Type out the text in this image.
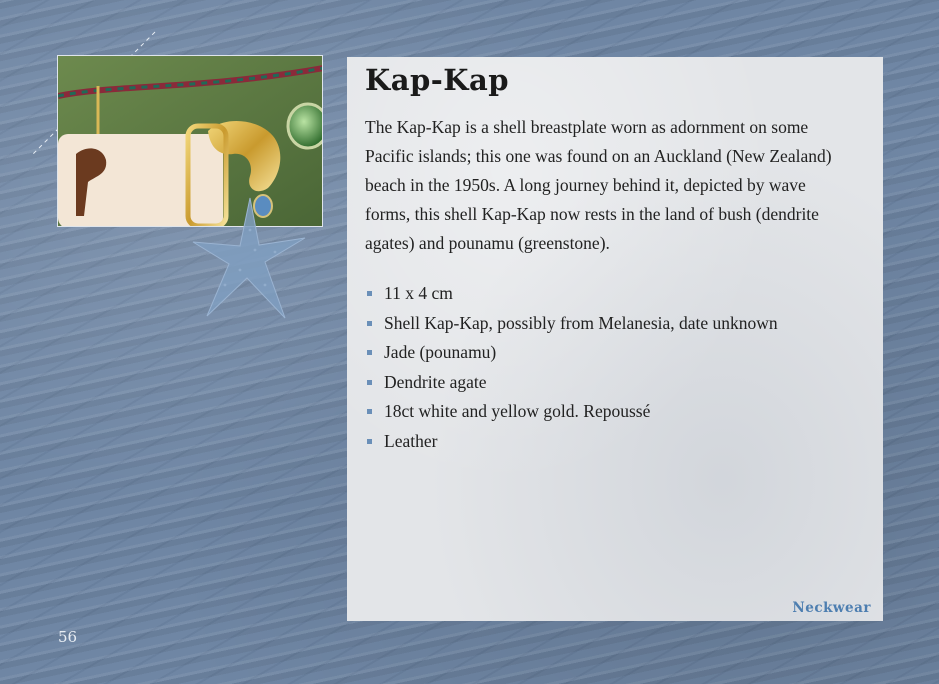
Kap-Kap

The Kap-Kap is a shell breastplate worn as adornment on some Pacific islands; this one was found on an Auckland (New Zealand) beach in the 1950s. A long journey behind it, depicted by wave forms, this shell Kap-Kap now rests in the land of bush (dendrite agates) and pounamu (greenstone).

11 x 4 cm
Shell Kap-Kap, possibly from Melanesia, date unknown
Jade (pounamu)
Dendrite agate
18ct white and yellow gold. Repoussé
Leather
Neckwear
56
